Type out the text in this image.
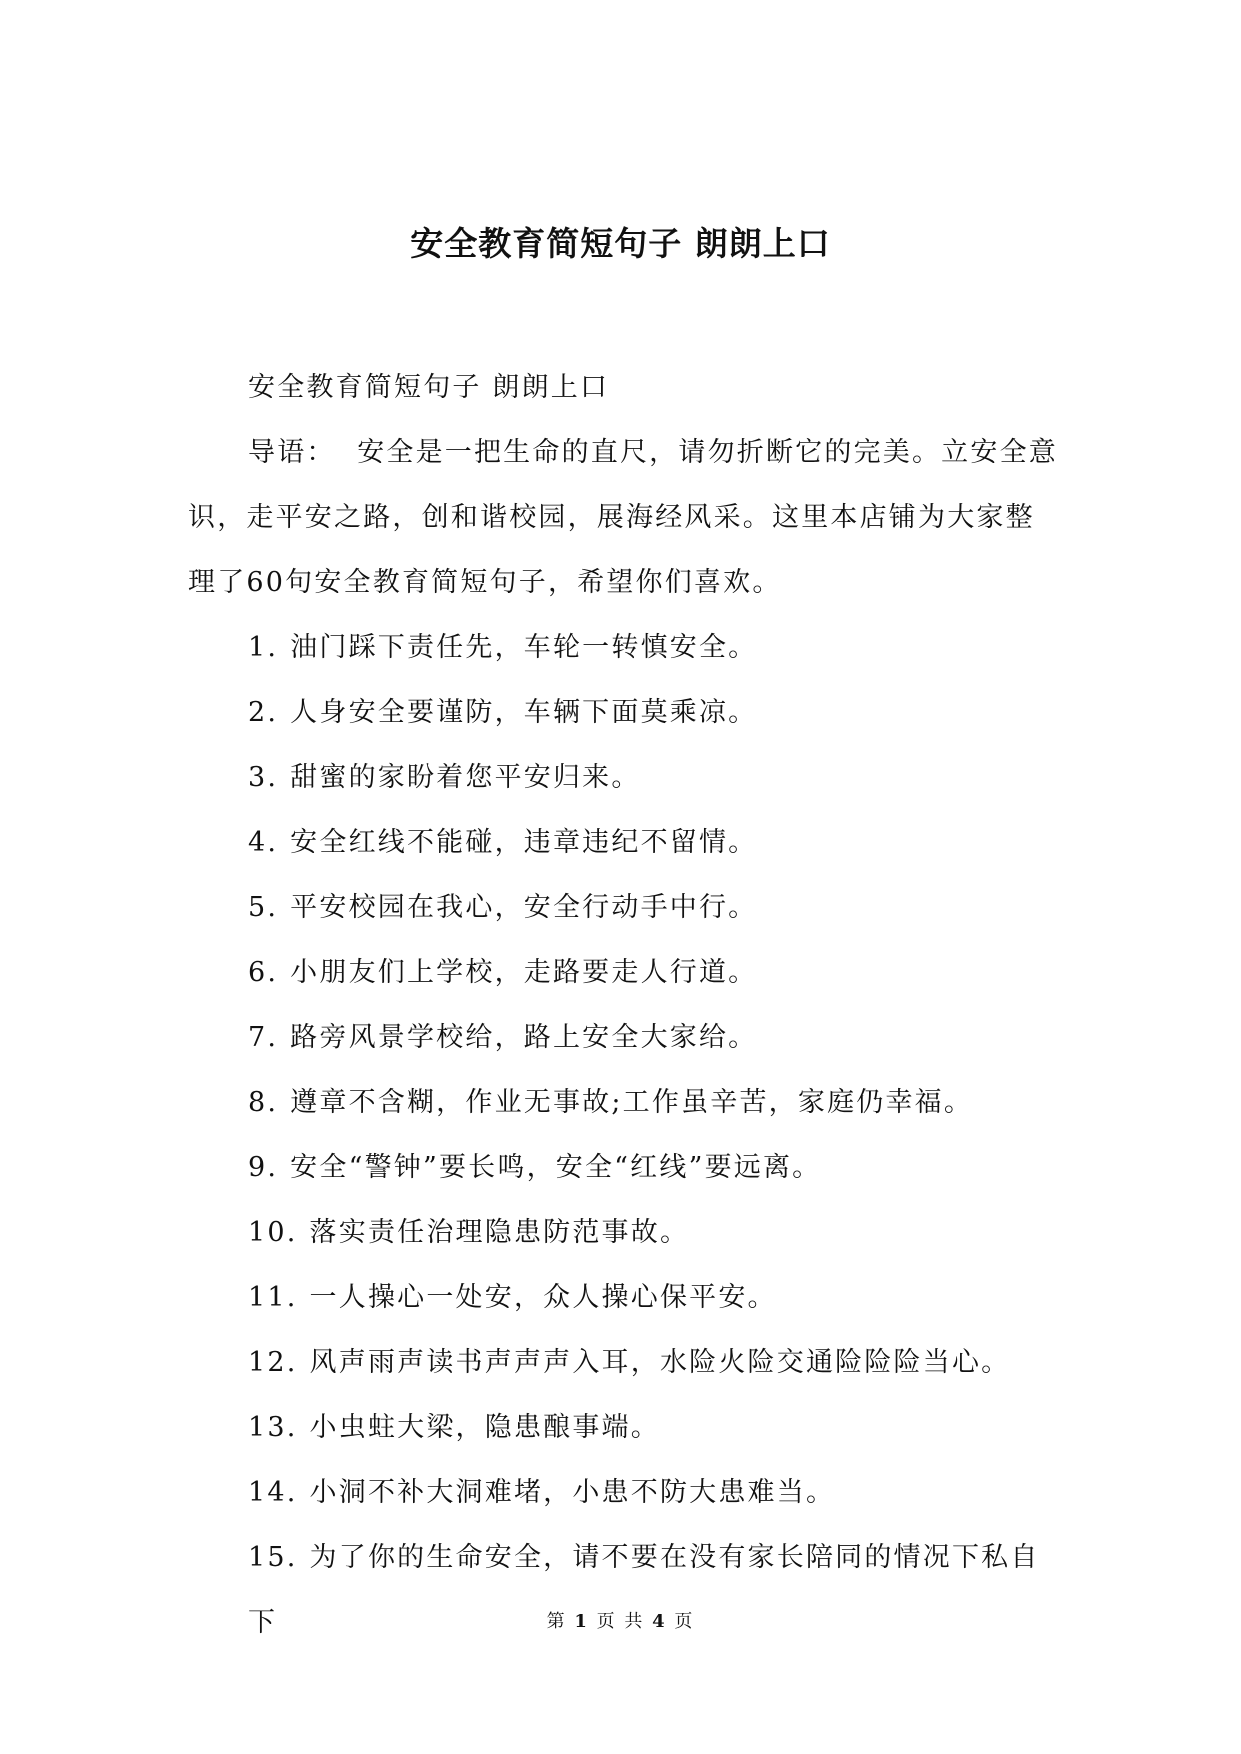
安全教育简短句子 朗朗上口

安全教育简短句子 朗朗上口

导语： 安全是一把生命的直尺，请勿折断它的完美。立安全意识，走平安之路，创和谐校园，展海经风采。这里本店铺为大家整理了60句安全教育简短句子，希望你们喜欢。

1. 油门踩下责任先，车轮一转慎安全。

2. 人身安全要谨防，车辆下面莫乘凉。

3. 甜蜜的家盼着您平安归来。

4. 安全红线不能碰，违章违纪不留情。

5. 平安校园在我心，安全行动手中行。

6. 小朋友们上学校，走路要走人行道。

7. 路旁风景学校给，路上安全大家给。

8. 遵章不含糊，作业无事故;工作虽辛苦，家庭仍幸福。

9. 安全“警钟”要长鸣，安全“红线”要远离。

10. 落实责任治理隐患防范事故。

11. 一人操心一处安，众人操心保平安。

12. 风声雨声读书声声声入耳，水险火险交通险险险当心。

13. 小虫蛀大梁，隐患酿事端。

14. 小洞不补大洞难堵，小患不防大患难当。

15. 为了你的生命安全，请不要在没有家长陪同的情况下私自下	第 1 页 共 4 页
